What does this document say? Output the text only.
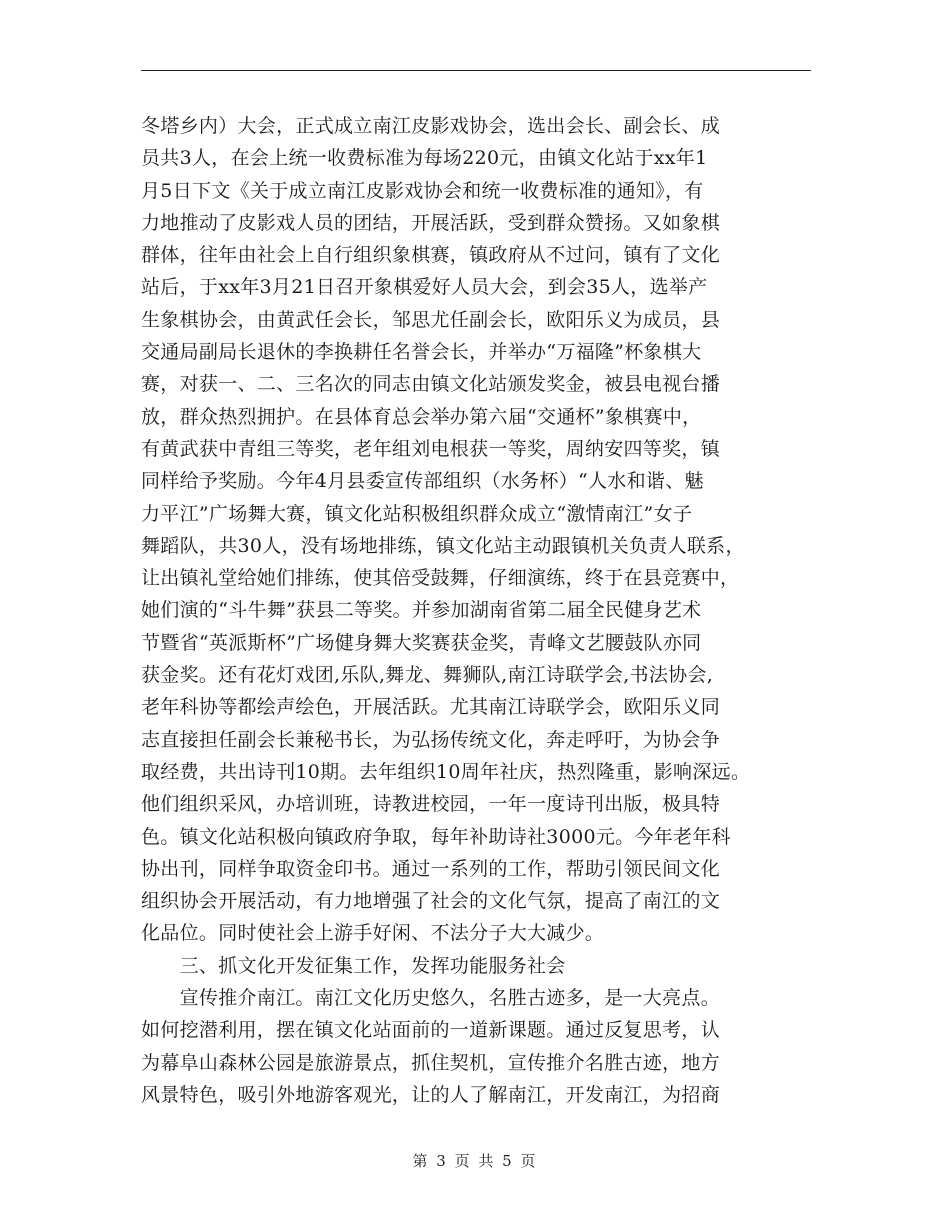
冬塔乡内）大会，正式成立南江皮影戏协会，选出会长、副会长、成
员共3人，在会上统一收费标准为每场220元，由镇文化站于xx年1
月5日下文《关于成立南江皮影戏协会和统一收费标准的通知》，有
力地推动了皮影戏人员的团结，开展活跃，受到群众赞扬。又如象棋
群体，往年由社会上自行组织象棋赛，镇政府从不过问，镇有了文化
站后，于xx年3月21日召开象棋爱好人员大会，到会35人，选举产
生象棋协会，由黄武任会长，邹思尤任副会长，欧阳乐义为成员，县
交通局副局长退休的李换耕任名誉会长，并举办“万福隆”杯象棋大
赛，对获一、二、三名次的同志由镇文化站颁发奖金，被县电视台播
放，群众热烈拥护。在县体育总会举办第六届“交通杯”象棋赛中，
有黄武获中青组三等奖，老年组刘电根获一等奖，周纳安四等奖，镇
同样给予奖励。今年4月县委宣传部组织（水务杯）“人水和谐、魅
力平江”广场舞大赛，镇文化站积极组织群众成立“激情南江”女子
舞蹈队，共30人，没有场地排练，镇文化站主动跟镇机关负责人联系，
让出镇礼堂给她们排练，使其倍受鼓舞，仔细演练，终于在县竞赛中，
她们演的“斗牛舞”获县二等奖。并参加湖南省第二届全民健身艺术
节暨省“英派斯杯”广场健身舞大奖赛获金奖，青峰文艺腰鼓队亦同
获金奖。还有花灯戏团,乐队,舞龙、舞狮队,南江诗联学会,书法协会,
老年科协等都绘声绘色，开展活跃。尤其南江诗联学会，欧阳乐义同
志直接担任副会长兼秘书长，为弘扬传统文化，奔走呼吁，为协会争
取经费，共出诗刊10期。去年组织10周年社庆，热烈隆重，影响深远。
他们组织采风，办培训班，诗教进校园，一年一度诗刊出版，极具特
色。镇文化站积极向镇政府争取，每年补助诗社3000元。今年老年科
协出刊，同样争取资金印书。通过一系列的工作，帮助引领民间文化
组织协会开展活动，有力地增强了社会的文化气氛，提高了南江的文
化品位。同时使社会上游手好闲、不法分子大大减少。
　　三、抓文化开发征集工作，发挥功能服务社会
　　宣传推介南江。南江文化历史悠久，名胜古迹多，是一大亮点。
如何挖潜利用，摆在镇文化站面前的一道新课题。通过反复思考，认
为幕阜山森林公园是旅游景点，抓住契机，宣传推介名胜古迹，地方
风景特色，吸引外地游客观光，让的人了解南江，开发南江，为招商
第 3 页 共 5 页
